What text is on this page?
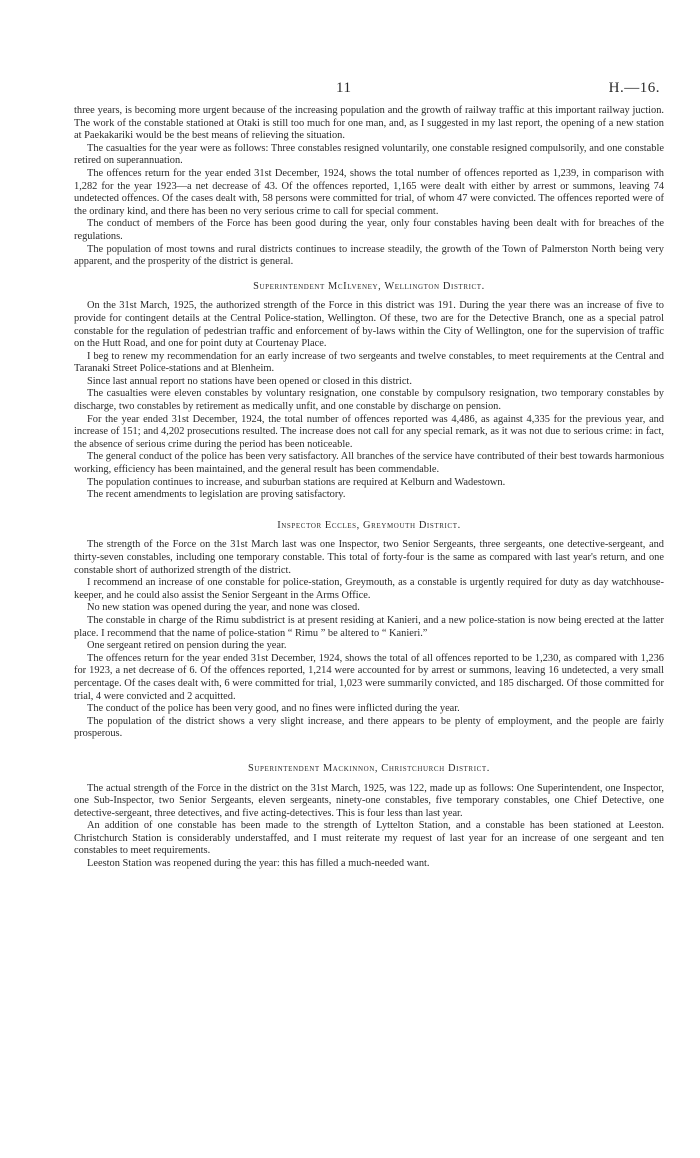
11	H.—16.

three years, is becoming more urgent because of the increasing population and the growth of railway traffic at this important railway juction. The work of the constable stationed at Otaki is still too much for one man, and, as I suggested in my last report, the opening of a new station at Paekakariki would be the best means of relieving the situation.

The casualties for the year were as follows: Three constables resigned voluntarily, one constable resigned compulsorily, and one constable retired on superannuation.

The offences return for the year ended 31st December, 1924, shows the total number of offences reported as 1,239, in comparison with 1,282 for the year 1923—a net decrease of 43. Of the offences reported, 1,165 were dealt with either by arrest or summons, leaving 74 undetected offences. Of the cases dealt with, 58 persons were committed for trial, of whom 47 were convicted. The offences reported were of the ordinary kind, and there has been no very serious crime to call for special comment.

The conduct of members of the Force has been good during the year, only four constables having been dealt with for breaches of the regulations.

The population of most towns and rural districts continues to increase steadily, the growth of the Town of Palmerston North being very apparent, and the prosperity of the district is general.

Superintendent McIlveney, Wellington District.

On the 31st March, 1925, the authorized strength of the Force in this district was 191. During the year there was an increase of five to provide for contingent details at the Central Police-station, Wellington. Of these, two are for the Detective Branch, one as a special patrol constable for the regulation of pedestrian traffic and enforcement of by-laws within the City of Wellington, one for the supervision of traffic on the Hutt Road, and one for point duty at Courtenay Place.

I beg to renew my recommendation for an early increase of two sergeants and twelve constables, to meet requirements at the Central and Taranaki Street Police-stations and at Blenheim.

Since last annual report no stations have been opened or closed in this district.

The casualties were eleven constables by voluntary resignation, one constable by compulsory resignation, two temporary constables by discharge, two constables by retirement as medically unfit, and one constable by discharge on pension.

For the year ended 31st December, 1924, the total number of offences reported was 4,486, as against 4,335 for the previous year, and increase of 151; and 4,202 prosecutions resulted. The increase does not call for any special remark, as it was not due to serious crime: in fact, the absence of serious crime during the period has been noticeable.

The general conduct of the police has been very satisfactory. All branches of the service have contributed of their best towards harmonious working, efficiency has been maintained, and the general result has been commendable.

The population continues to increase, and suburban stations are required at Kelburn and Wadestown.

The recent amendments to legislation are proving satisfactory.

Inspector Eccles, Greymouth District.

The strength of the Force on the 31st March last was one Inspector, two Senior Sergeants, three sergeants, one detective-sergeant, and thirty-seven constables, including one temporary constable. This total of forty-four is the same as compared with last year's return, and one constable short of authorized strength of the district.

I recommend an increase of one constable for police-station, Greymouth, as a constable is urgently required for duty as day watchhouse-keeper, and he could also assist the Senior Sergeant in the Arms Office.

No new station was opened during the year, and none was closed.

The constable in charge of the Rimu subdistrict is at present residing at Kanieri, and a new police-station is now being erected at the latter place. I recommend that the name of police-station “ Rimu ” be altered to “ Kanieri.”

One sergeant retired on pension during the year.

The offences return for the year ended 31st December, 1924, shows the total of all offences reported to be 1,230, as compared with 1,236 for 1923, a net decrease of 6. Of the offences reported, 1,214 were accounted for by arrest or summons, leaving 16 undetected, a very small percentage. Of the cases dealt with, 6 were committed for trial, 1,023 were summarily convicted, and 185 discharged. Of those committed for trial, 4 were convicted and 2 acquitted.

The conduct of the police has been very good, and no fines were inflicted during the year.

The population of the district shows a very slight increase, and there appears to be plenty of employment, and the people are fairly prosperous.

Superintendent Mackinnon, Christchurch District.

The actual strength of the Force in the district on the 31st March, 1925, was 122, made up as follows: One Superintendent, one Inspector, one Sub-Inspector, two Senior Sergeants, eleven sergeants, ninety-one constables, five temporary constables, one Chief Detective, one detective-sergeant, three detectives, and five acting-detectives. This is four less than last year.

An addition of one constable has been made to the strength of Lyttelton Station, and a constable has been stationed at Leeston. Christchurch Station is considerably understaffed, and I must reiterate my request of last year for an increase of one sergeant and ten constables to meet requirements.

Leeston Station was reopened during the year: this has filled a much-needed want.
